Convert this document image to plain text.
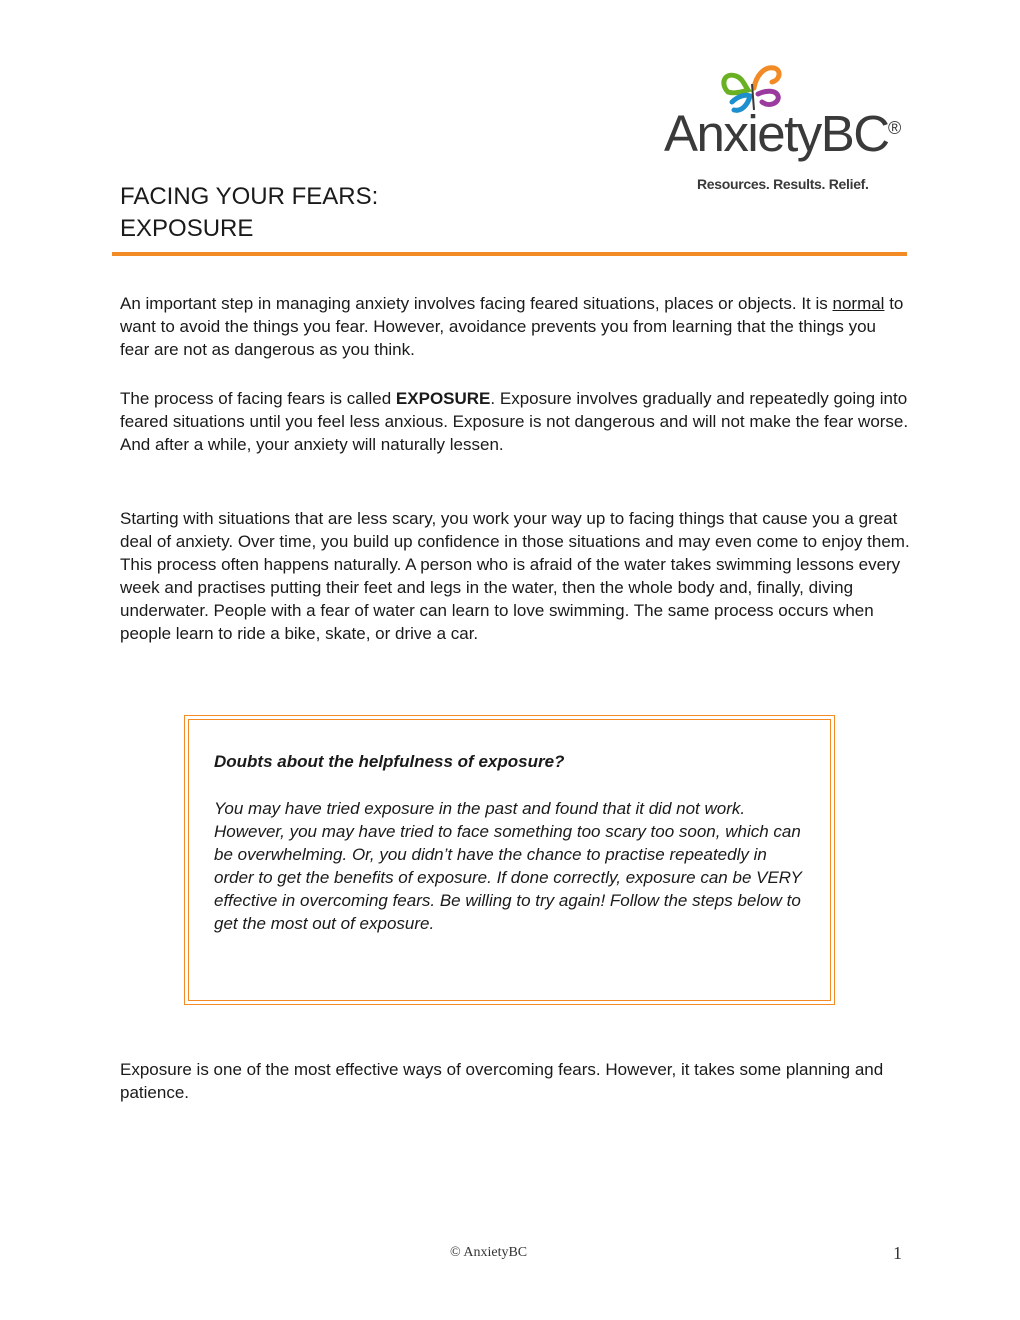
AnxietyBC ®
Resources. Results. Relief.
FACING YOUR FEARS:
EXPOSURE

An important step in managing anxiety involves facing feared situations, places or objects. It is normal to want to avoid the things you fear. However, avoidance prevents you from learning that the things you fear are not as dangerous as you think.

The process of facing fears is called EXPOSURE. Exposure involves gradually and repeatedly going into feared situations until you feel less anxious. Exposure is not dangerous and will not make the fear worse. And after a while, your anxiety will naturally lessen.

Starting with situations that are less scary, you work your way up to facing things that cause you a great deal of anxiety. Over time, you build up confidence in those situations and may even come to enjoy them. This process often happens naturally. A person who is afraid of the water takes swimming lessons every week and practises putting their feet and legs in the water, then the whole body and, finally, diving underwater. People with a fear of water can learn to love swimming. The same process occurs when people learn to ride a bike, skate, or drive a car.

Doubts about the helpfulness of exposure?

You may have tried exposure in the past and found that it did not work. However, you may have tried to face something too scary too soon, which can be overwhelming. Or, you didn’t have the chance to practise repeatedly in order to get the benefits of exposure. If done correctly, exposure can be VERY effective in overcoming fears. Be willing to try again! Follow the steps below to get the most out of exposure.

Exposure is one of the most effective ways of overcoming fears. However, it takes some planning and patience.

© AnxietyBC	1
